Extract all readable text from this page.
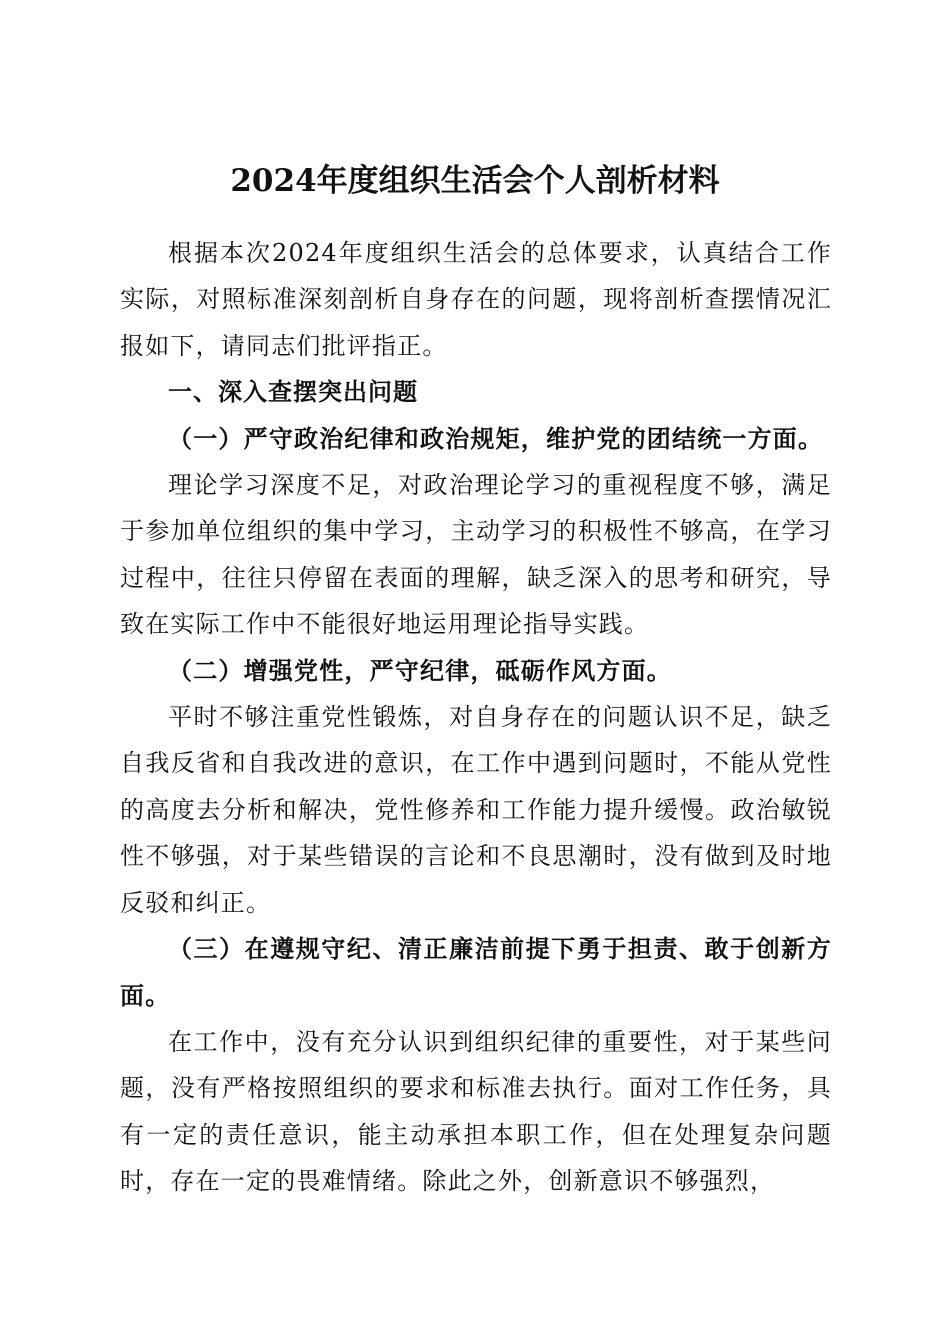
2024年度组织生活会个人剖析材料

根据本次2024年度组织生活会的总体要求，认真结合工作实际，对照标准深刻剖析自身存在的问题，现将剖析查摆情况汇报如下，请同志们批评指正。

一、深入查摆突出问题

（一）严守政治纪律和政治规矩，维护党的团结统一方面。

理论学习深度不足，对政治理论学习的重视程度不够，满足于参加单位组织的集中学习，主动学习的积极性不够高，在学习过程中，往往只停留在表面的理解，缺乏深入的思考和研究，导致在实际工作中不能很好地运用理论指导实践。

（二）增强党性，严守纪律，砥砺作风方面。

平时不够注重党性锻炼，对自身存在的问题认识不足，缺乏自我反省和自我改进的意识，在工作中遇到问题时，不能从党性的高度去分析和解决，党性修养和工作能力提升缓慢。政治敏锐性不够强，对于某些错误的言论和不良思潮时，没有做到及时地反驳和纠正。

（三）在遵规守纪、清正廉洁前提下勇于担责、敢于创新方面。

在工作中，没有充分认识到组织纪律的重要性，对于某些问题，没有严格按照组织的要求和标准去执行。面对工作任务，具有一定的责任意识，能主动承担本职工作，但在处理复杂问题时，存在一定的畏难情绪。除此之外，创新意识不够强烈，
